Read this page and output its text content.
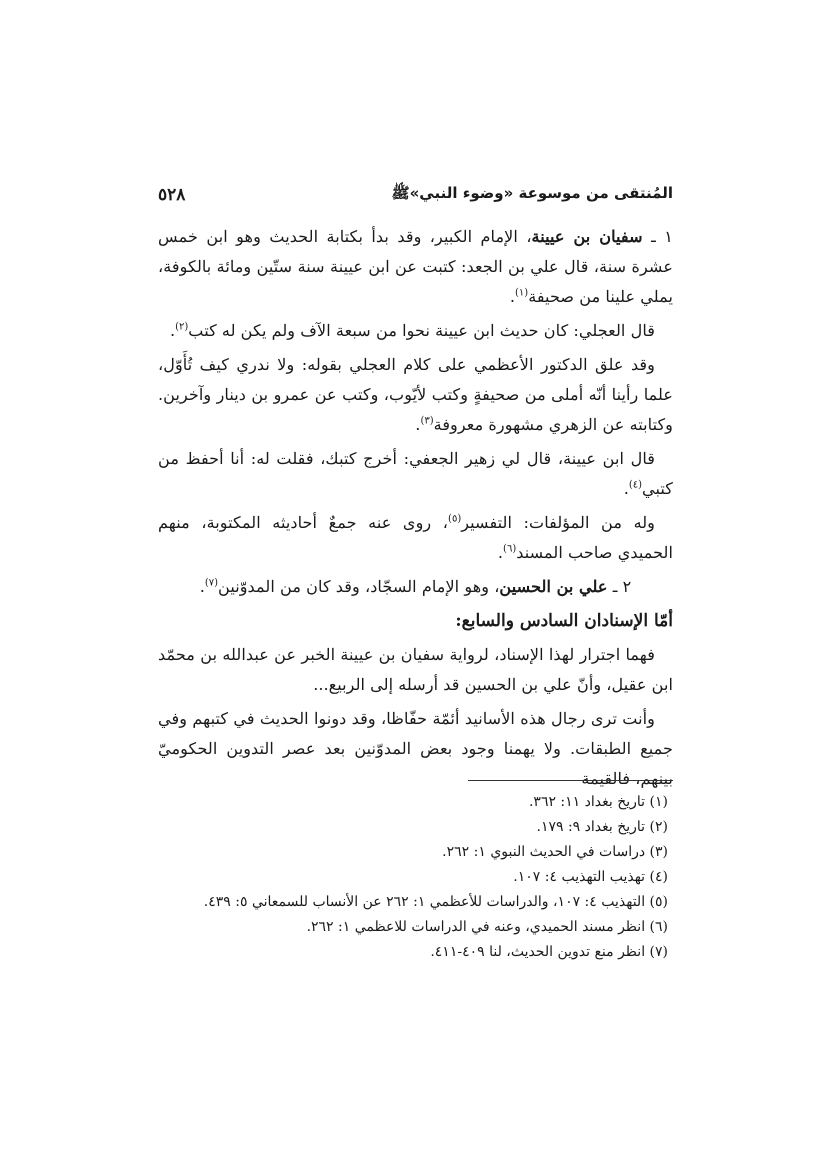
المُنتقى من موسوعة «وضوء النبي»ﷺ
٥٢٨

١ ـ سفيان بن عيينة، الإمام الكبير، وقد بدأ بكتابة الحديث وهو ابن خمس عشرة سنة، قال علي بن الجعد: كتبت عن ابن عيينة سنة ستّين ومائة بالكوفة، يملي علينا من صحيفة$^{(١)}$.

قال العجلي: كان حديث ابن عيينة نحوا من سبعة الآف ولم يكن له كتب$^{(٢)}$.

وقد علق الدكتور الأعظمي على كلام العجلي بقوله: ولا ندري كيف تُأَوّل، علما رأينا أنّه أملى من صحيفةٍ وكتب لأيّوب، وكتب عن عمرو بن دينار وآخرين. وكتابته عن الزهري مشهورة معروفة$^{(٣)}$.

قال ابن عيينة، قال لي زهير الجعفي: أخرج كتبك، فقلت له: أنا أحفظ من كتبي$^{(٤)}$.

وله من المؤلفات: التفسير$^{(٥)}$، روى عنه جمعٌ أحاديثه المكتوبة، منهم الحميدي صاحب المسند$^{(٦)}$.

٢ ـ علي بن الحسين، وهو الإمام السجّاد، وقد كان من المدوّنين$^{(٧)}$.

أمّا الإسنادان السادس والسابع:

فهما اجترار لهذا الإسناد، لرواية سفيان بن عيينة الخبر عن عبدالله بن محمّد ابن عقيل، وأنّ علي بن الحسين قد أرسله إلى الربيع...

وأنت ترى رجال هذه الأسانيد أئمّة حفّاظا، وقد دونوا الحديث في كتبهم وفي جميع الطبقات. ولا يهمنا وجود بعض المدوّنين بعد عصر التدوين الحكوميّ بينهم، فالقيمة

(١) تاريخ بغداد ١١: ٣٦٢.
(٢) تاريخ بغداد ٩: ١٧٩.
(٣) دراسات في الحديث النبوي ١: ٢٦٢.
(٤) تهذيب التهذيب ٤: ١٠٧.
(٥) التهذيب ٤: ١٠٧، والدراسات للأعظمي ١: ٢٦٢ عن الأنساب للسمعاني ٥: ٤٣٩.
(٦) انظر مسند الحميدي، وعنه في الدراسات للاعظمي ١: ٢٦٢.
(٧) انظر منع تدوين الحديث، لنا ٤٠٩-٤١١.
